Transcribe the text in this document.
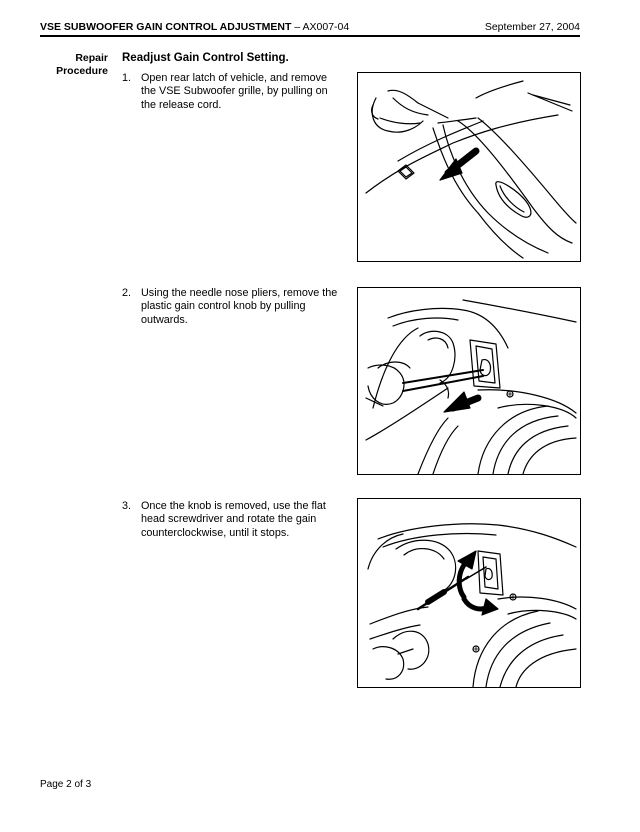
VSE SUBWOOFER GAIN CONTROL ADJUSTMENT – AX007-04	September 27, 2004
Repair
Procedure
Readjust Gain Control Setting.
1. Open rear latch of vehicle, and remove the VSE Subwoofer grille, by pulling on the release cord.
2. Using the needle nose pliers, remove the plastic gain control knob by pulling outwards.
3. Once the knob is removed, use the flat head screwdriver and rotate the gain counterclockwise, until it stops.
Page 2 of 3
